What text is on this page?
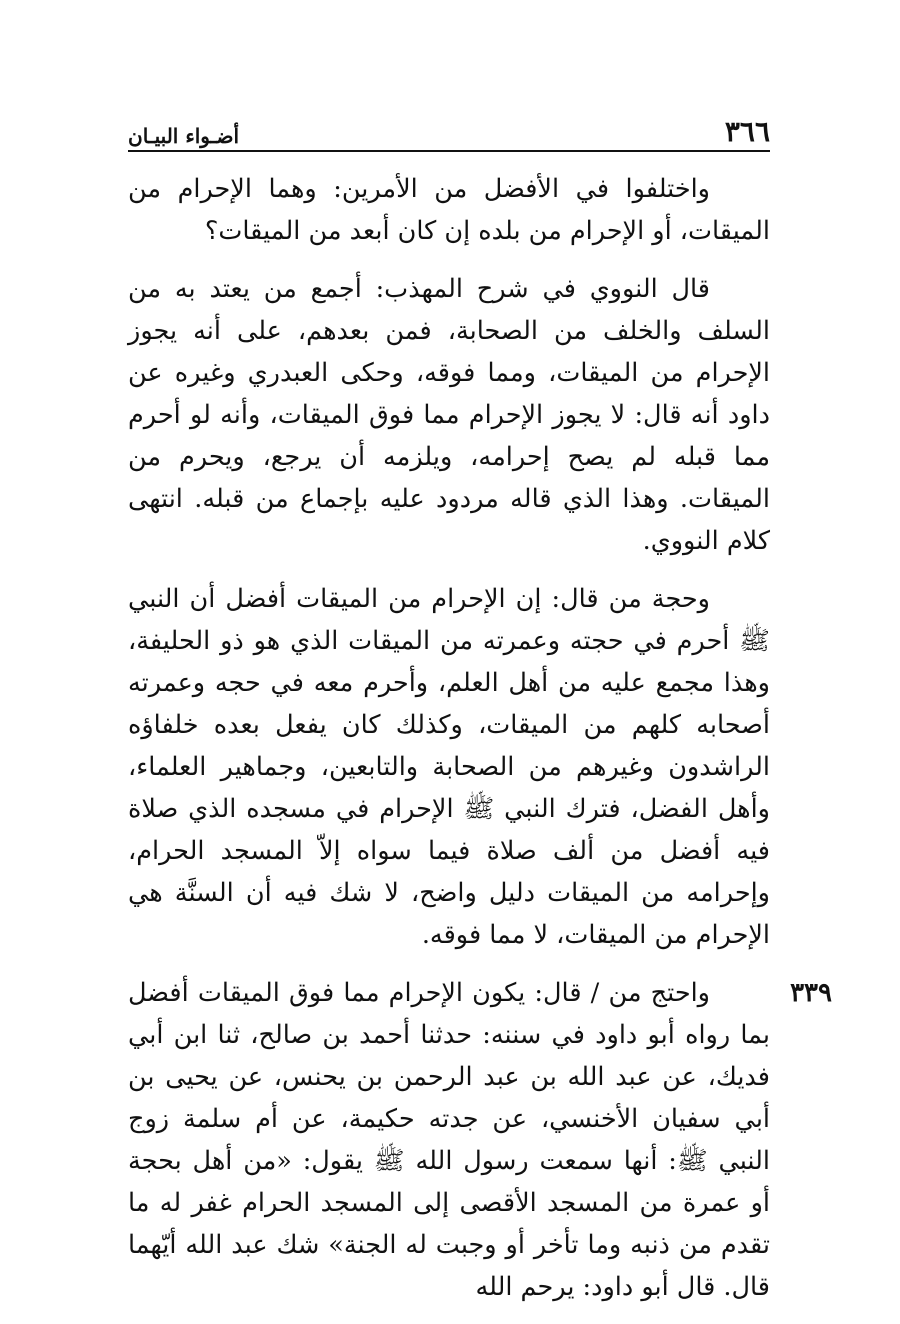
٣٦٦
أضـواء البيـان

واختلفوا في الأفضل من الأمرين: وهما الإحرام من الميقات، أو الإحرام من بلده إن كان أبعد من الميقات؟

قال النووي في شرح المهذب: أجمع من يعتد به من السلف والخلف من الصحابة، فمن بعدهم، على أنه يجوز الإحرام من الميقات، ومما فوقه، وحكى العبدري وغيره عن داود أنه قال: لا يجوز الإحرام مما فوق الميقات، وأنه لو أحرم مما قبله لم يصح إحرامه، ويلزمه أن يرجع، ويحرم من الميقات. وهذا الذي قاله مردود عليه بإجماع من قبله. انتهى كلام النووي.

وحجة من قال: إن الإحرام من الميقات أفضل أن النبي ﷺ أحرم في حجته وعمرته من الميقات الذي هو ذو الحليفة، وهذا مجمع عليه من أهل العلم، وأحرم معه في حجه وعمرته أصحابه كلهم من الميقات، وكذلك كان يفعل بعده خلفاؤه الراشدون وغيرهم من الصحابة والتابعين، وجماهير العلماء، وأهل الفضل، فترك النبي ﷺ الإحرام في مسجده الذي صلاة فيه أفضل من ألف صلاة فيما سواه إلاّ المسجد الحرام، وإحرامه من الميقات دليل واضح، لا شك فيه أن السنَّة هي الإحرام من الميقات، لا مما فوقه.

٣٣٩

واحتج من / قال: يكون الإحرام مما فوق الميقات أفضل بما رواه أبو داود في سننه: حدثنا أحمد بن صالح، ثنا ابن أبي فديك، عن عبد الله بن عبد الرحمن بن يحنس، عن يحيى بن أبي سفيان الأخنسي، عن جدته حكيمة، عن أم سلمة زوج النبي ﷺ: أنها سمعت رسول الله ﷺ يقول: «من أهل بحجة أو عمرة من المسجد الأقصى إلى المسجد الحرام غفر له ما تقدم من ذنبه وما تأخر أو وجبت له الجنة» شك عبد الله أيّهما قال. قال أبو داود: يرحم الله
